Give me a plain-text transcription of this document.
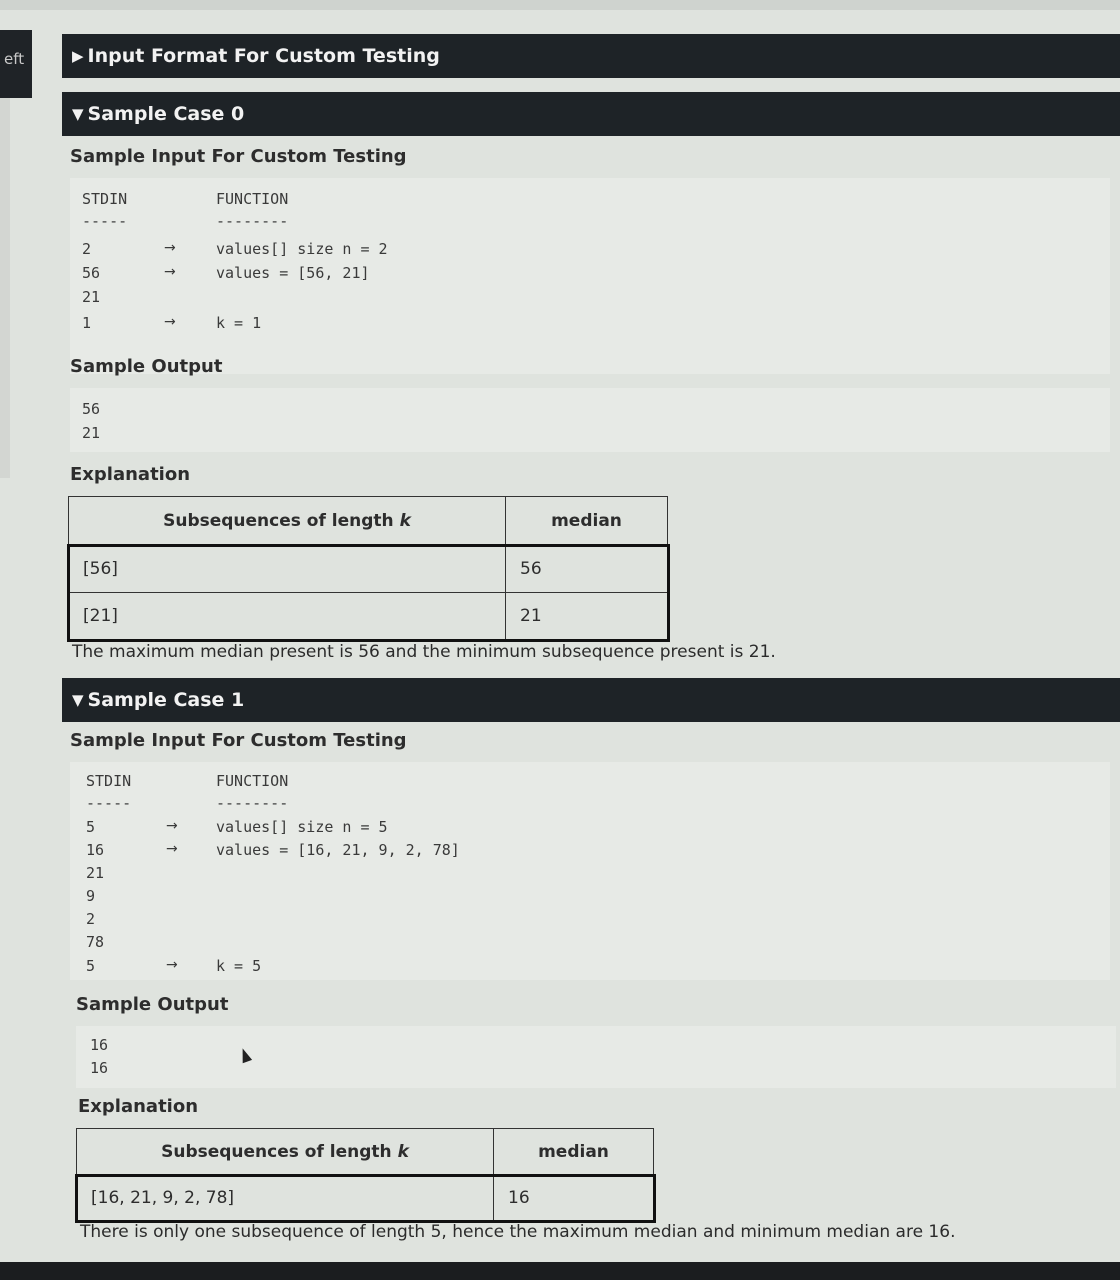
eft	▶ Input Format For Custom Testing
▼ Sample Case 0
Sample Input For Custom Testing
STDIN	FUNCTION
-----	--------
2	→	values[] size n = 2
56	→	values = [56, 21]
21
1	→	k = 1
Sample Output
56
21
Explanation
Subsequences of length k	median
[56]	56
[21]	21
The maximum median present is 56 and the minimum subsequence present is 21.
▼ Sample Case 1
Sample Input For Custom Testing
STDIN	FUNCTION
-----	--------
5	→	values[] size n = 5
16	→	values = [16, 21, 9, 2, 78]
21
9
2
78
5	→	k = 5
Sample Output
16
16
Explanation
Subsequences of length k	median
[16, 21, 9, 2, 78]	16
There is only one subsequence of length 5, hence the maximum median and minimum median are 16.
